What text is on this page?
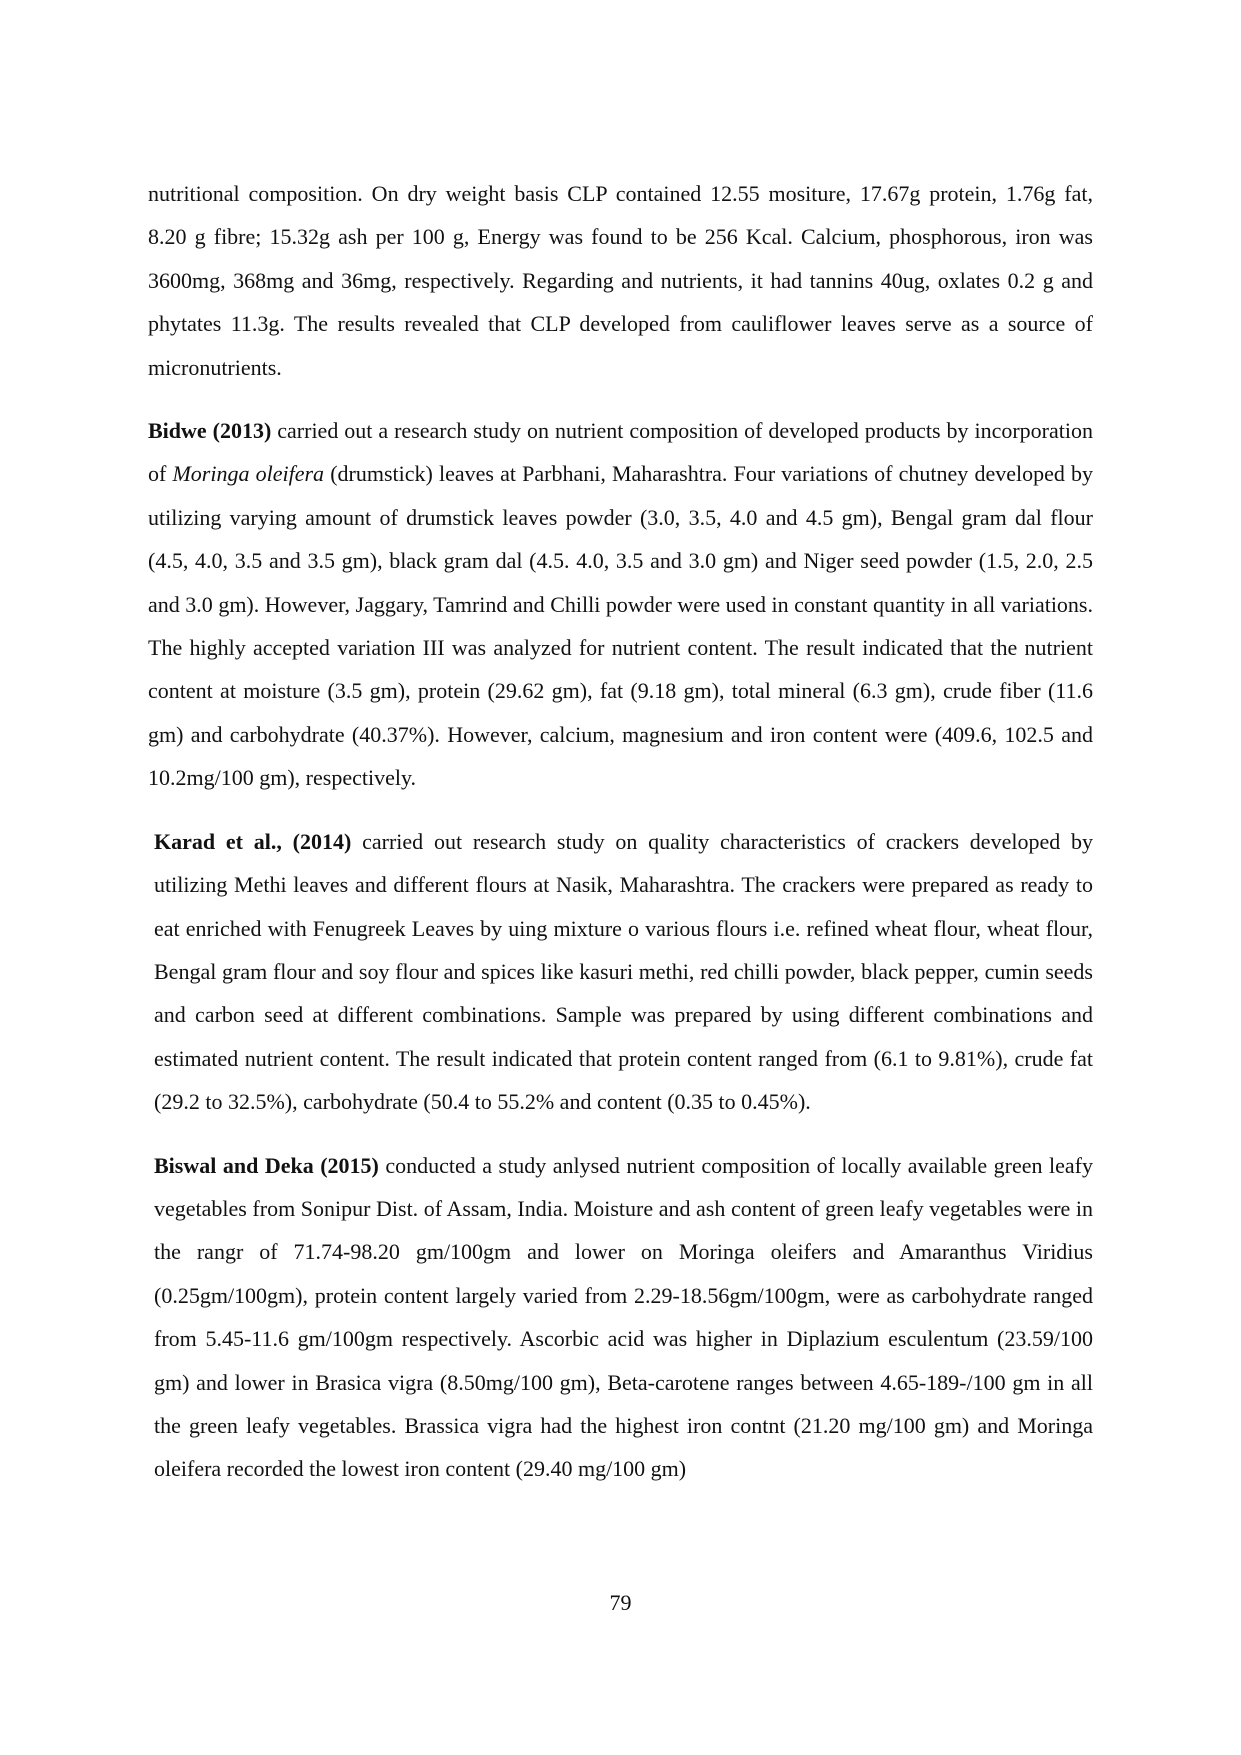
nutritional composition. On dry weight basis CLP contained 12.55 mositure, 17.67g protein, 1.76g fat, 8.20 g fibre; 15.32g ash per 100 g, Energy was found to be 256 Kcal. Calcium, phosphorous, iron was 3600mg, 368mg and 36mg, respectively. Regarding and nutrients, it had tannins 40ug, oxlates 0.2 g and phytates 11.3g. The results revealed that CLP developed from cauliflower leaves serve as a source of micronutrients.

Bidwe (2013) carried out a research study on nutrient composition of developed products by incorporation of Moringa oleifera (drumstick) leaves at Parbhani, Maharashtra. Four variations of chutney developed by utilizing varying amount of drumstick leaves powder (3.0, 3.5, 4.0 and 4.5 gm), Bengal gram dal flour (4.5, 4.0, 3.5 and 3.5 gm), black gram dal (4.5. 4.0, 3.5 and 3.0 gm) and Niger seed powder (1.5, 2.0, 2.5 and 3.0 gm). However, Jaggary, Tamrind and Chilli powder were used in constant quantity in all variations. The highly accepted variation III was analyzed for nutrient content. The result indicated that the nutrient content at moisture (3.5 gm), protein (29.62 gm), fat (9.18 gm), total mineral (6.3 gm), crude fiber (11.6 gm) and carbohydrate (40.37%). However, calcium, magnesium and iron content were (409.6, 102.5 and 10.2mg/100 gm), respectively.

Karad et al., (2014) carried out research study on quality characteristics of crackers developed by utilizing Methi leaves and different flours at Nasik, Maharashtra. The crackers were prepared as ready to eat enriched with Fenugreek Leaves by uing mixture o various flours i.e. refined wheat flour, wheat flour, Bengal gram flour and soy flour and spices like kasuri methi, red chilli powder, black pepper, cumin seeds and carbon seed at different combinations. Sample was prepared by using different combinations and estimated nutrient content. The result indicated that protein content ranged from (6.1 to 9.81%), crude fat (29.2 to 32.5%), carbohydrate (50.4 to 55.2% and content (0.35 to 0.45%).

Biswal and Deka (2015) conducted a study anlysed nutrient composition of locally available green leafy vegetables from Sonipur Dist. of Assam, India. Moisture and ash content of green leafy vegetables were in the rangr of 71.74-98.20 gm/100gm and lower on Moringa oleifers and Amaranthus Viridius (0.25gm/100gm), protein content largely varied from 2.29-18.56gm/100gm, were as carbohydrate ranged from 5.45-11.6 gm/100gm respectively. Ascorbic acid was higher in Diplazium esculentum (23.59/100 gm) and lower in Brasica vigra (8.50mg/100 gm), Beta-carotene ranges between 4.65-189-/100 gm in all the green leafy vegetables. Brassica vigra had the highest iron contnt (21.20 mg/100 gm) and Moringa oleifera recorded the lowest iron content (29.40 mg/100 gm)

79
